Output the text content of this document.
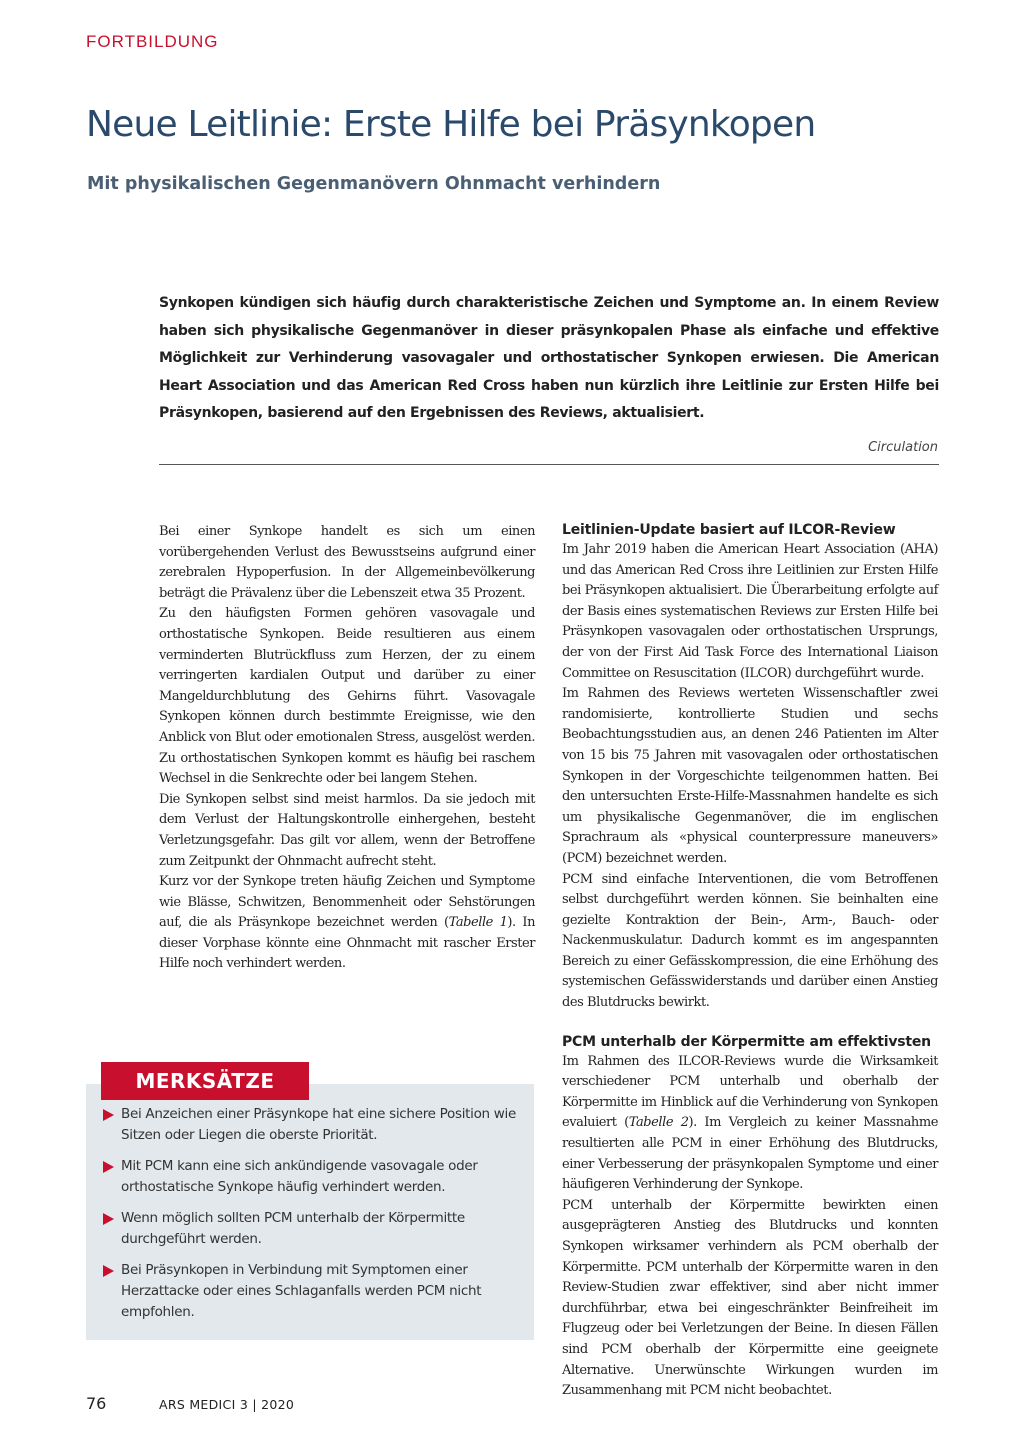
FORTBILDUNG
Neue Leitlinie: Erste Hilfe bei Präsynkopen
Mit physikalischen Gegenmanövern Ohnmacht verhindern

Synkopen kündigen sich häufig durch charakteristische Zeichen und Symptome an. In einem Review haben sich physikalische Gegenmanöver in dieser präsynkopalen Phase als einfache und effektive Möglichkeit zur Verhinderung vasovagaler und orthostatischer Synkopen erwiesen. Die American Heart Association und das American Red Cross haben nun kürzlich ihre Leitlinie zur Ersten Hilfe bei Präsynkopen, basierend auf den Ergebnissen des Reviews, aktualisiert.

Circulation

Bei einer Synkope handelt es sich um einen vorübergehenden Verlust des Bewusstseins aufgrund einer zerebralen Hypoperfusion. In der Allgemeinbevölkerung beträgt die Prävalenz über die Lebenszeit etwa 35 Prozent.

Zu den häufigsten Formen gehören vasovagale und orthostatische Synkopen. Beide resultieren aus einem verminderten Blutrückfluss zum Herzen, der zu einem verringerten kardialen Output und darüber zu einer Mangeldurchblutung des Gehirns führt. Vasovagale Synkopen können durch bestimmte Ereignisse, wie den Anblick von Blut oder emotionalen Stress, ausgelöst werden. Zu orthostatischen Synkopen kommt es häufig bei raschem Wechsel in die Senkrechte oder bei langem Stehen.

Die Synkopen selbst sind meist harmlos. Da sie jedoch mit dem Verlust der Haltungskontrolle einhergehen, besteht Verletzungsgefahr. Das gilt vor allem, wenn der Betroffene zum Zeitpunkt der Ohnmacht aufrecht steht.

Kurz vor der Synkope treten häufig Zeichen und Symptome wie Blässe, Schwitzen, Benommenheit oder Sehstörungen auf, die als Präsynkope bezeichnet werden (Tabelle 1). In dieser Vorphase könnte eine Ohnmacht mit rascher Erster Hilfe noch verhindert werden.

Leitlinien-Update basiert auf ILCOR-Review

Im Jahr 2019 haben die American Heart Association (AHA) und das American Red Cross ihre Leitlinien zur Ersten Hilfe bei Präsynkopen aktualisiert. Die Überarbeitung erfolgte auf der Basis eines systematischen Reviews zur Ersten Hilfe bei Präsynkopen vasovagalen oder orthostatischen Ursprungs, der von der First Aid Task Force des International Liaison Committee on Resuscitation (ILCOR) durchgeführt wurde.

Im Rahmen des Reviews werteten Wissenschaftler zwei randomisierte, kontrollierte Studien und sechs Beobachtungsstudien aus, an denen 246 Patienten im Alter von 15 bis 75 Jahren mit vasovagalen oder orthostatischen Synkopen in der Vorgeschichte teilgenommen hatten. Bei den untersuchten Erste-Hilfe-Massnahmen handelte es sich um physikalische Gegenmanöver, die im englischen Sprachraum als «physical counterpressure maneuvers» (PCM) bezeichnet werden.

PCM sind einfache Interventionen, die vom Betroffenen selbst durchgeführt werden können. Sie beinhalten eine gezielte Kontraktion der Bein-, Arm-, Bauch- oder Nackenmuskulatur. Dadurch kommt es im angespannten Bereich zu einer Gefässkompression, die eine Erhöhung des systemischen Gefässwiderstands und darüber einen Anstieg des Blutdrucks bewirkt.

PCM unterhalb der Körpermitte am effektivsten

Im Rahmen des ILCOR-Reviews wurde die Wirksamkeit verschiedener PCM unterhalb und oberhalb der Körpermitte im Hinblick auf die Verhinderung von Synkopen evaluiert (Tabelle 2). Im Vergleich zu keiner Massnahme resultierten alle PCM in einer Erhöhung des Blutdrucks, einer Verbesserung der präsynkopalen Symptome und einer häufigeren Verhinderung der Synkope.

PCM unterhalb der Körpermitte bewirkten einen ausgeprägteren Anstieg des Blutdrucks und konnten Synkopen wirksamer verhindern als PCM oberhalb der Körpermitte. PCM unterhalb der Körpermitte waren in den Review-Studien zwar effektiver, sind aber nicht immer durchführbar, etwa bei eingeschränkter Beinfreiheit im Flugzeug oder bei Verletzungen der Beine. In diesen Fällen sind PCM oberhalb der Körpermitte eine geeignete Alternative. Unerwünschte Wirkungen wurden im Zusammenhang mit PCM nicht beobachtet.

MERKSÄTZE
Bei Anzeichen einer Präsynkope hat eine sichere Position wie Sitzen oder Liegen die oberste Priorität.
Mit PCM kann eine sich ankündigende vasovagale oder orthostatische Synkope häufig verhindert werden.
Wenn möglich sollten PCM unterhalb der Körpermitte durchgeführt werden.
Bei Präsynkopen in Verbindung mit Symptomen einer Herzattacke oder eines Schlaganfalls werden PCM nicht empfohlen.
76	ARS MEDICI 3 | 2020
